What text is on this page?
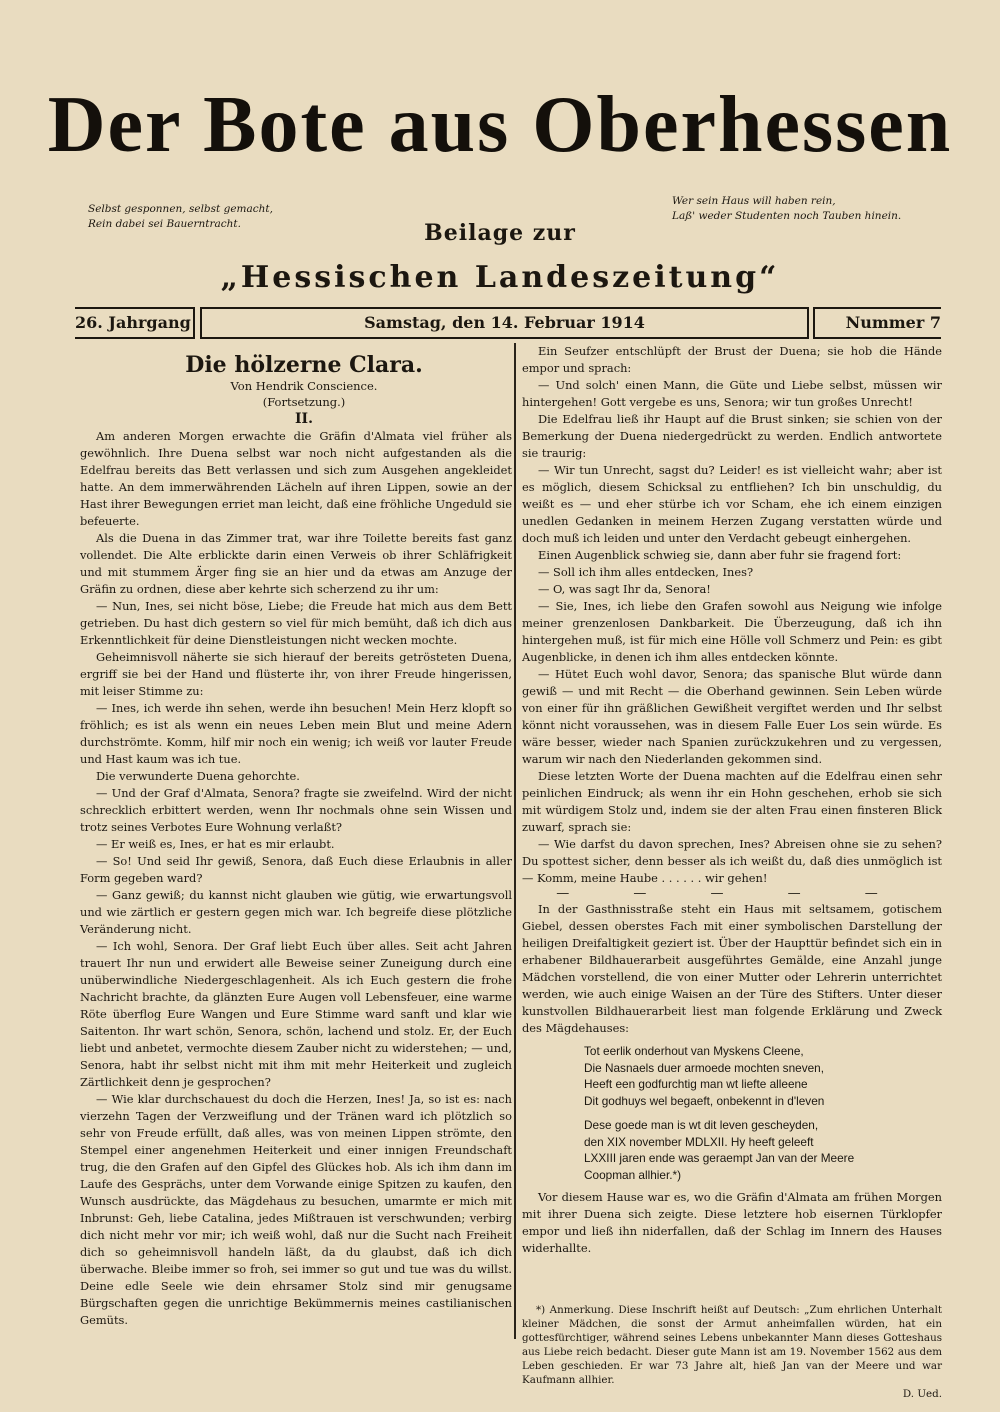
Der Bote aus Oberhessen
Selbst gesponnen, selbst gemacht,
Rein dabei sei Bauerntracht.
Wer sein Haus will haben rein,
Laß' weder Studenten noch Tauben hinein.
Beilage zur
„Hessischen Landeszeitung“
26. Jahrgang	Samstag, den 14. Februar 1914	Nummer 7

Die hölzerne Clara.

Von Hendrik Conscience.

(Fortsetzung.)

II.

Am anderen Morgen erwachte die Gräfin d'Almata viel früher als gewöhnlich. Ihre Duena selbst war noch nicht aufgestanden als die Edelfrau bereits das Bett verlassen und sich zum Ausgehen angekleidet hatte. An dem immerwährenden Lächeln auf ihren Lippen, sowie an der Hast ihrer Bewegungen erriet man leicht, daß eine fröhliche Ungeduld sie befeuerte.

Als die Duena in das Zimmer trat, war ihre Toilette bereits fast ganz vollendet. Die Alte erblickte darin einen Verweis ob ihrer Schläfrigkeit und mit stummem Ärger fing sie an hier und da etwas am Anzuge der Gräfin zu ordnen, diese aber kehrte sich scherzend zu ihr um:

— Nun, Ines, sei nicht böse, Liebe; die Freude hat mich aus dem Bett getrieben. Du hast dich gestern so viel für mich bemüht, daß ich dich aus Erkenntlichkeit für deine Dienstleistungen nicht wecken mochte.

Geheimnisvoll näherte sie sich hierauf der bereits getrösteten Duena, ergriff sie bei der Hand und flüsterte ihr, von ihrer Freude hingerissen, mit leiser Stimme zu:

— Ines, ich werde ihn sehen, werde ihn besuchen! Mein Herz klopft so fröhlich; es ist als wenn ein neues Leben mein Blut und meine Adern durchströmte. Komm, hilf mir noch ein wenig; ich weiß vor lauter Freude und Hast kaum was ich tue.

Die verwunderte Duena gehorchte.

— Und der Graf d'Almata, Senora? fragte sie zweifelnd. Wird der nicht schrecklich erbittert werden, wenn Ihr nochmals ohne sein Wissen und trotz seines Verbotes Eure Wohnung verlaßt?

— Er weiß es, Ines, er hat es mir erlaubt.

— So! Und seid Ihr gewiß, Senora, daß Euch diese Erlaubnis in aller Form gegeben ward?

— Ganz gewiß; du kannst nicht glauben wie gütig, wie erwartungsvoll und wie zärtlich er gestern gegen mich war. Ich begreife diese plötzliche Veränderung nicht.

— Ich wohl, Senora. Der Graf liebt Euch über alles. Seit acht Jahren trauert Ihr nun und erwidert alle Beweise seiner Zuneigung durch eine unüberwindliche Niedergeschlagenheit. Als ich Euch gestern die frohe Nachricht brachte, da glänzten Eure Augen voll Lebensfeuer, eine warme Röte überflog Eure Wangen und Eure Stimme ward sanft und klar wie Saitenton. Ihr wart schön, Senora, schön, lachend und stolz. Er, der Euch liebt und anbetet, vermochte diesem Zauber nicht zu widerstehen; — und, Senora, habt ihr selbst nicht mit ihm mit mehr Heiterkeit und zugleich Zärtlichkeit denn je gesprochen?

— Wie klar durchschauest du doch die Herzen, Ines! Ja, so ist es: nach vierzehn Tagen der Verzweiflung und der Tränen ward ich plötzlich so sehr von Freude erfüllt, daß alles, was von meinen Lippen strömte, den Stempel einer angenehmen Heiterkeit und einer innigen Freundschaft trug, die den Grafen auf den Gipfel des Glückes hob. Als ich ihm dann im Laufe des Gesprächs, unter dem Vorwande einige Spitzen zu kaufen, den Wunsch ausdrückte, das Mägdehaus zu besuchen, umarmte er mich mit Inbrunst: Geh, liebe Catalina, jedes Mißtrauen ist verschwunden; verbirg dich nicht mehr vor mir; ich weiß wohl, daß nur die Sucht nach Freiheit dich so geheimnisvoll handeln läßt, da du glaubst, daß ich dich überwache. Bleibe immer so froh, sei immer so gut und tue was du willst. Deine edle Seele wie dein ehrsamer Stolz sind mir genugsame Bürgschaften gegen die unrichtige Bekümmernis meines castilianischen Gemüts.

Ein Seufzer entschlüpft der Brust der Duena; sie hob die Hände empor und sprach:

— Und solch' einen Mann, die Güte und Liebe selbst, müssen wir hintergehen! Gott vergebe es uns, Senora; wir tun großes Unrecht!

Die Edelfrau ließ ihr Haupt auf die Brust sinken; sie schien von der Bemerkung der Duena niedergedrückt zu werden. Endlich antwortete sie traurig:

— Wir tun Unrecht, sagst du? Leider! es ist vielleicht wahr; aber ist es möglich, diesem Schicksal zu entfliehen? Ich bin unschuldig, du weißt es — und eher stürbe ich vor Scham, ehe ich einem einzigen unedlen Gedanken in meinem Herzen Zugang verstatten würde und doch muß ich leiden und unter den Verdacht gebeugt einhergehen.

Einen Augenblick schwieg sie, dann aber fuhr sie fragend fort:

— Soll ich ihm alles entdecken, Ines?

— O, was sagt Ihr da, Senora!

— Sie, Ines, ich liebe den Grafen sowohl aus Neigung wie infolge meiner grenzenlosen Dankbarkeit. Die Überzeugung, daß ich ihn hintergehen muß, ist für mich eine Hölle voll Schmerz und Pein: es gibt Augenblicke, in denen ich ihm alles entdecken könnte.

— Hütet Euch wohl davor, Senora; das spanische Blut würde dann gewiß — und mit Recht — die Oberhand gewinnen. Sein Leben würde von einer für ihn gräßlichen Gewißheit vergiftet werden und Ihr selbst könnt nicht voraussehen, was in diesem Falle Euer Los sein würde. Es wäre besser, wieder nach Spanien zurückzukehren und zu vergessen, warum wir nach den Niederlanden gekommen sind.

Diese letzten Worte der Duena machten auf die Edelfrau einen sehr peinlichen Eindruck; als wenn ihr ein Hohn geschehen, erhob sie sich mit würdigem Stolz und, indem sie der alten Frau einen finsteren Blick zuwarf, sprach sie:

— Wie darfst du davon sprechen, Ines? Abreisen ohne sie zu sehen? Du spottest sicher, denn besser als ich weißt du, daß dies unmöglich ist — Komm, meine Haube . . . . . . wir gehen!

— — — — —

In der Gasthnisstraße steht ein Haus mit seltsamem, gotischem Giebel, dessen oberstes Fach mit einer symbolischen Darstellung der heiligen Dreifaltigkeit geziert ist. Über der Haupttür befindet sich ein in erhabener Bildhauerarbeit ausgeführtes Gemälde, eine Anzahl junge Mädchen vorstellend, die von einer Mutter oder Lehrerin unterrichtet werden, wie auch einige Waisen an der Türe des Stifters. Unter dieser kunstvollen Bildhauerarbeit liest man folgende Erklärung und Zweck des Mägdehauses:

Tot eerlik onderhout van Myskens Cleene,
Die Nasnaels duer armoede mochten sneven,
Heeft een godfurchtig man wt liefte alleene
Dit godhuys wel begaeft, onbekennt in d'leven
Dese goede man is wt dit leven gescheyden,
den XIX november MDLXII. Hy heeft geleeft
LXXIII jaren ende was geraempt Jan van der Meere
Coopman allhier.*)

Vor diesem Hause war es, wo die Gräfin d'Almata am frühen Morgen mit ihrer Duena sich zeigte. Diese letztere hob eisernen Türklopfer empor und ließ ihn niderfallen, daß der Schlag im Innern des Hauses widerhallte.

*) Anmerkung. Diese Inschrift heißt auf Deutsch: „Zum ehrlichen Unterhalt kleiner Mädchen, die sonst der Armut anheimfallen würden, hat ein gottesfürchtiger, während seines Lebens unbekannter Mann dieses Gotteshaus aus Liebe reich bedacht. Dieser gute Mann ist am 19. November 1562 aus dem Leben geschieden. Er war 73 Jahre alt, hieß Jan van der Meere und war Kaufmann allhier.

D. Ued.
